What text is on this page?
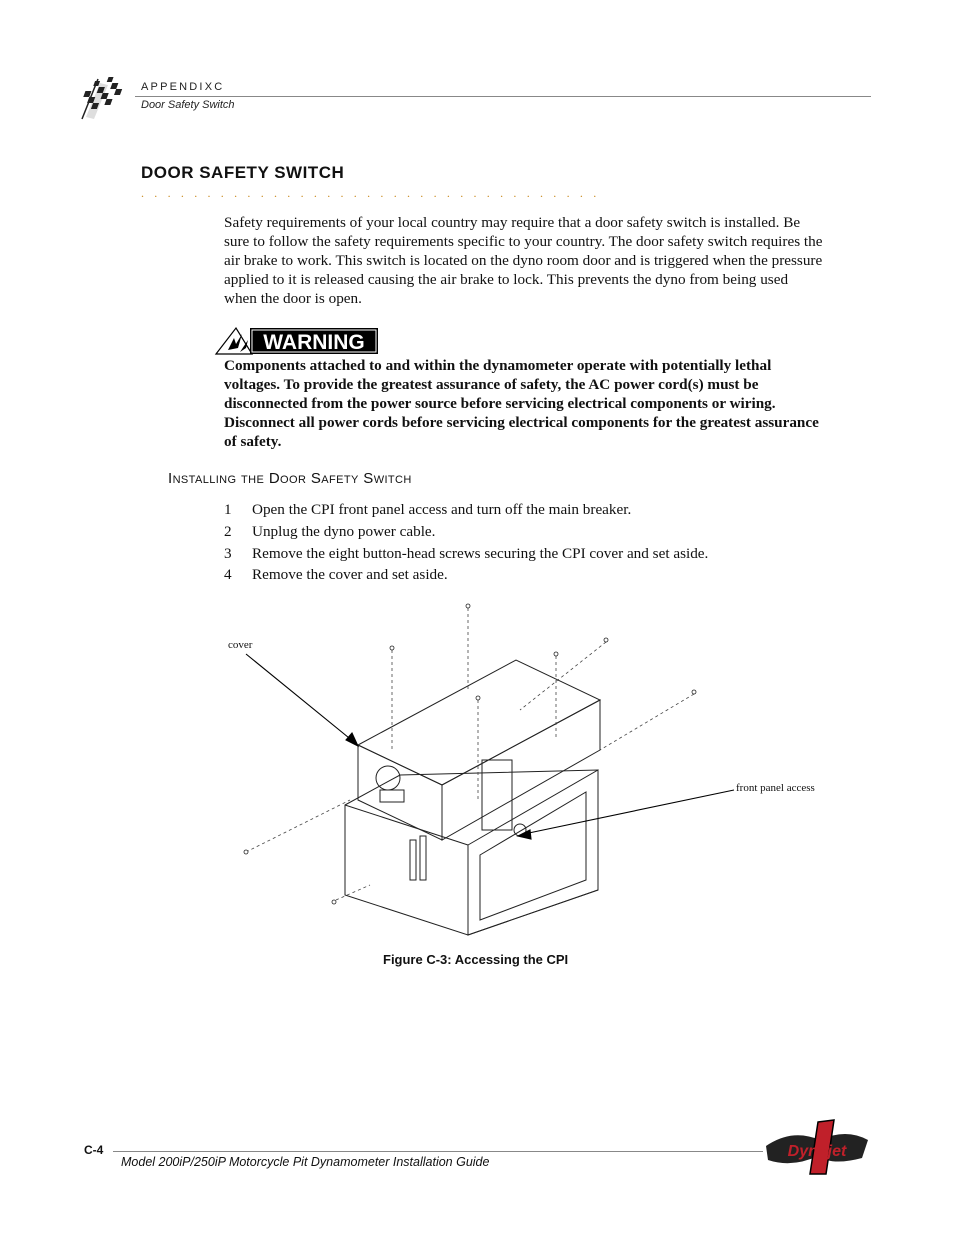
APPENDIXC
Door Safety Switch
DOOR SAFETY SWITCH
...................................
Safety requirements of your local country may require that a door safety switch is installed. Be sure to follow the safety requirements specific to your country. The door safety switch requires the air brake to work. This switch is located on the dyno room door and is triggered when the pressure applied to it is released causing the air brake to lock. This prevents the dyno from being used when the door is open.
WARNING
Components attached to and within the dynamometer operate with potentially lethal voltages. To provide the greatest assurance of safety, the AC power cord(s) must be disconnected from the power source before servicing electrical components or wiring. Disconnect all power cords before servicing electrical components for the greatest assurance of safety.
Installing the Door Safety Switch
1 Open the CPI front panel access and turn off the main breaker.
2 Unplug the dyno power cable.
3 Remove the eight button-head screws securing the CPI cover and set aside.
4 Remove the cover and set aside.
cover
front panel access
Figure C-3: Accessing the CPI
C-4
Model 200iP/250iP Motorcycle Pit Dynamometer Installation Guide
Dynojet
